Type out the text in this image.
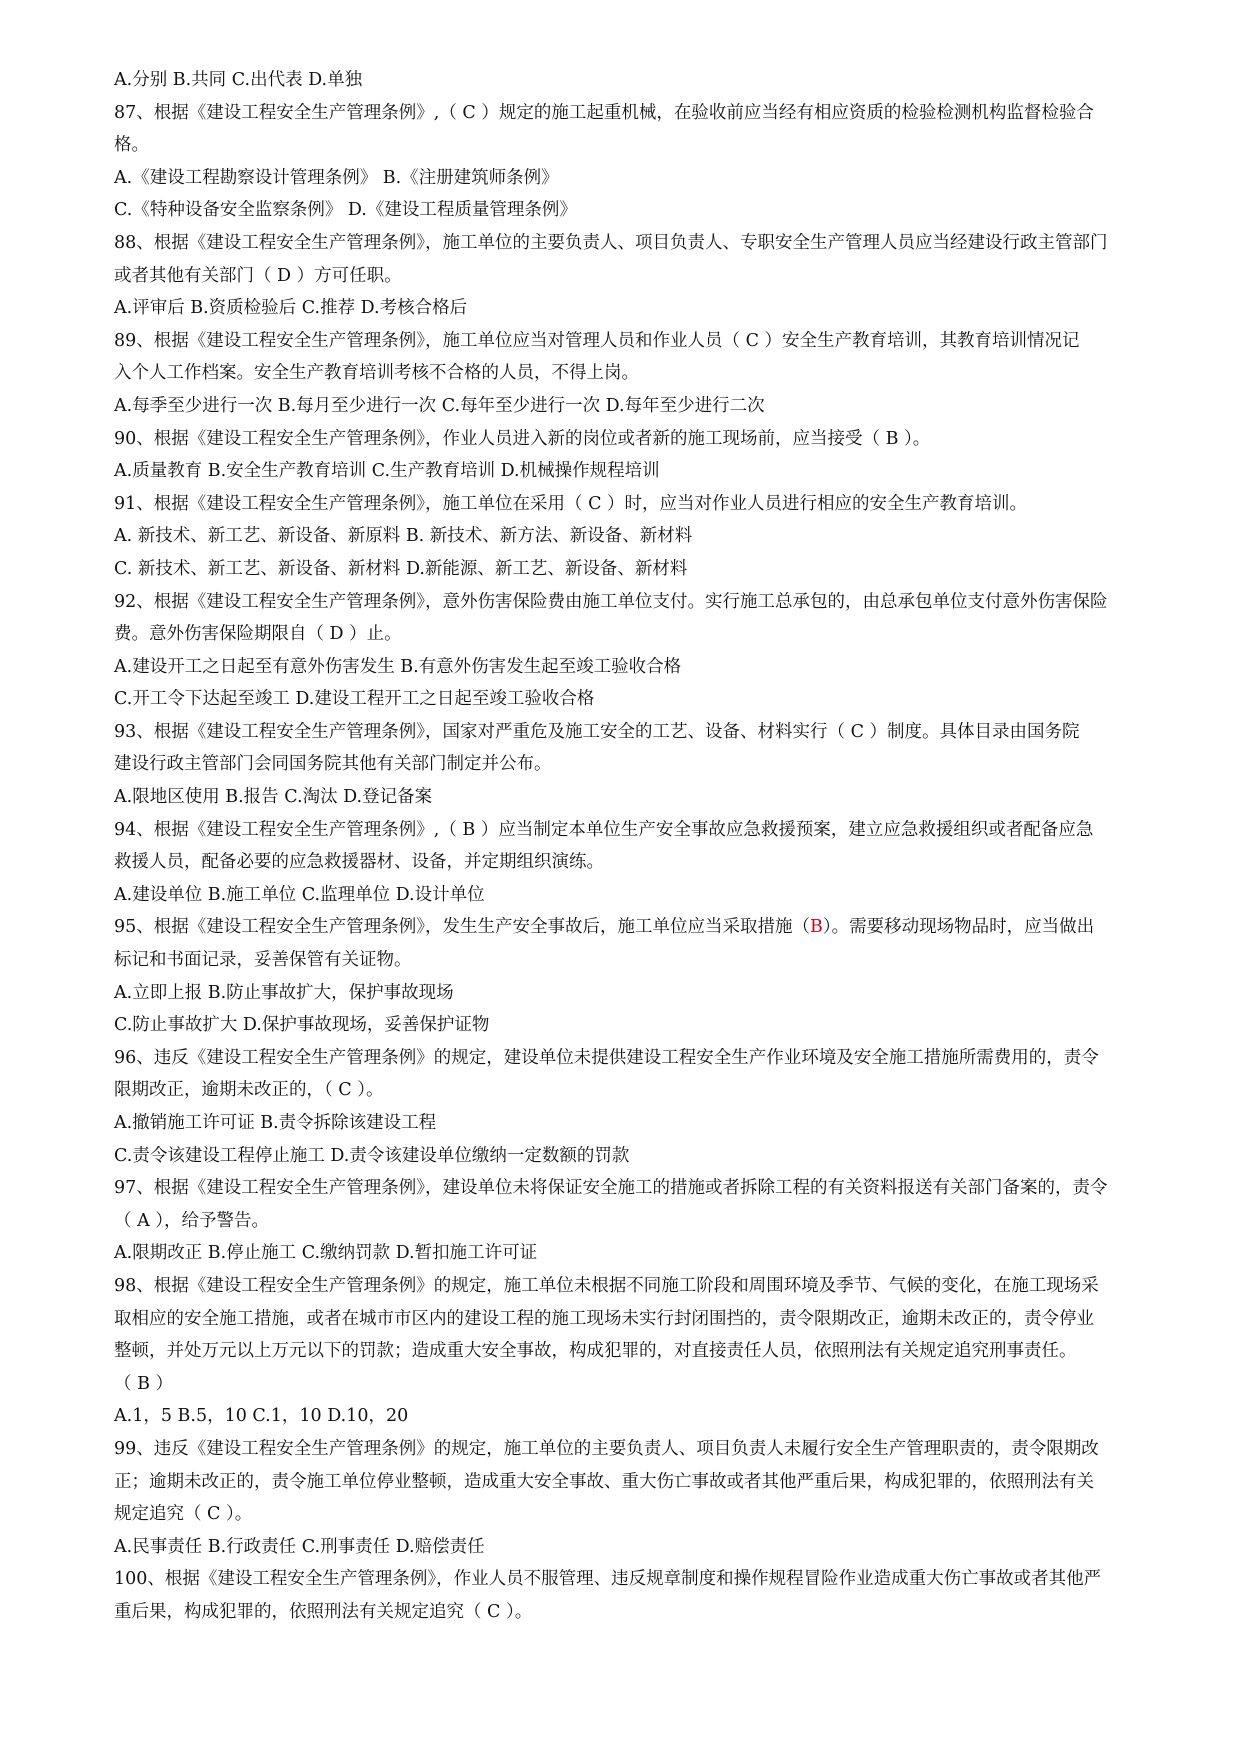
A.分别 B.共同 C.出代表 D.单独
87、根据《建设工程安全生产管理条例》,（ C ）规定的施工起重机械，在验收前应当经有相应资质的检验检测机构监督检验合
格。
A.《建设工程勘察设计管理条例》 B.《注册建筑师条例》
C.《特种设备安全监察条例》 D.《建设工程质量管理条例》
88、根据《建设工程安全生产管理条例》，施工单位的主要负责人、项目负责人、专职安全生产管理人员应当经建设行政主管部门
或者其他有关部门（ D ）方可任职。
A.评审后 B.资质检验后 C.推荐 D.考核合格后
89、根据《建设工程安全生产管理条例》，施工单位应当对管理人员和作业人员（ C ）安全生产教育培训，其教育培训情况记
入个人工作档案。安全生产教育培训考核不合格的人员，不得上岗。
A.每季至少进行一次 B.每月至少进行一次 C.每年至少进行一次 D.每年至少进行二次
90、根据《建设工程安全生产管理条例》，作业人员进入新的岗位或者新的施工现场前，应当接受（ B ）。
A.质量教育 B.安全生产教育培训 C.生产教育培训 D.机械操作规程培训
91、根据《建设工程安全生产管理条例》，施工单位在采用（ C ）时，应当对作业人员进行相应的安全生产教育培训。
A. 新技术、新工艺、新设备、新原料 B. 新技术、新方法、新设备、新材料
C. 新技术、新工艺、新设备、新材料 D.新能源、新工艺、新设备、新材料
92、根据《建设工程安全生产管理条例》，意外伤害保险费由施工单位支付。实行施工总承包的，由总承包单位支付意外伤害保险
费。意外伤害保险期限自（ D ）止。
A.建设开工之日起至有意外伤害发生 B.有意外伤害发生起至竣工验收合格
C.开工令下达起至竣工 D.建设工程开工之日起至竣工验收合格
93、根据《建设工程安全生产管理条例》，国家对严重危及施工安全的工艺、设备、材料实行（ C ）制度。具体目录由国务院
建设行政主管部门会同国务院其他有关部门制定并公布。
A.限地区使用 B.报告 C.淘汰 D.登记备案
94、根据《建设工程安全生产管理条例》,（ B ）应当制定本单位生产安全事故应急救援预案，建立应急救援组织或者配备应急
救援人员，配备必要的应急救援器材、设备，并定期组织演练。
A.建设单位 B.施工单位 C.监理单位 D.设计单位
95、根据《建设工程安全生产管理条例》，发生生产安全事故后，施工单位应当采取措施（B）。需要移动现场物品时，应当做出
标记和书面记录，妥善保管有关证物。
A.立即上报 B.防止事故扩大，保护事故现场
C.防止事故扩大 D.保护事故现场，妥善保护证物
96、违反《建设工程安全生产管理条例》的规定，建设单位未提供建设工程安全生产作业环境及安全施工措施所需费用的，责令
限期改正，逾期未改正的，（ C ）。
A.撤销施工许可证 B.责令拆除该建设工程
C.责令该建设工程停止施工 D.责令该建设单位缴纳一定数额的罚款
97、根据《建设工程安全生产管理条例》，建设单位未将保证安全施工的措施或者拆除工程的有关资料报送有关部门备案的，责令
（ A ），给予警告。
A.限期改正 B.停止施工 C.缴纳罚款 D.暂扣施工许可证
98、根据《建设工程安全生产管理条例》的规定，施工单位未根据不同施工阶段和周围环境及季节、气候的变化，在施工现场采
取相应的安全施工措施，或者在城市市区内的建设工程的施工现场未实行封闭围挡的，责令限期改正，逾期未改正的，责令停业
整顿，并处万元以上万元以下的罚款；造成重大安全事故，构成犯罪的，对直接责任人员，依照刑法有关规定追究刑事责任。
（ B ）
A.1，5 B.5，10 C.1，10 D.10，20
99、违反《建设工程安全生产管理条例》的规定，施工单位的主要负责人、项目负责人未履行安全生产管理职责的，责令限期改
正；逾期未改正的，责令施工单位停业整顿，造成重大安全事故、重大伤亡事故或者其他严重后果，构成犯罪的，依照刑法有关
规定追究（ C ）。
A.民事责任 B.行政责任 C.刑事责任 D.赔偿责任
100、根据《建设工程安全生产管理条例》，作业人员不服管理、违反规章制度和操作规程冒险作业造成重大伤亡事故或者其他严
重后果，构成犯罪的，依照刑法有关规定追究（ C ）。
